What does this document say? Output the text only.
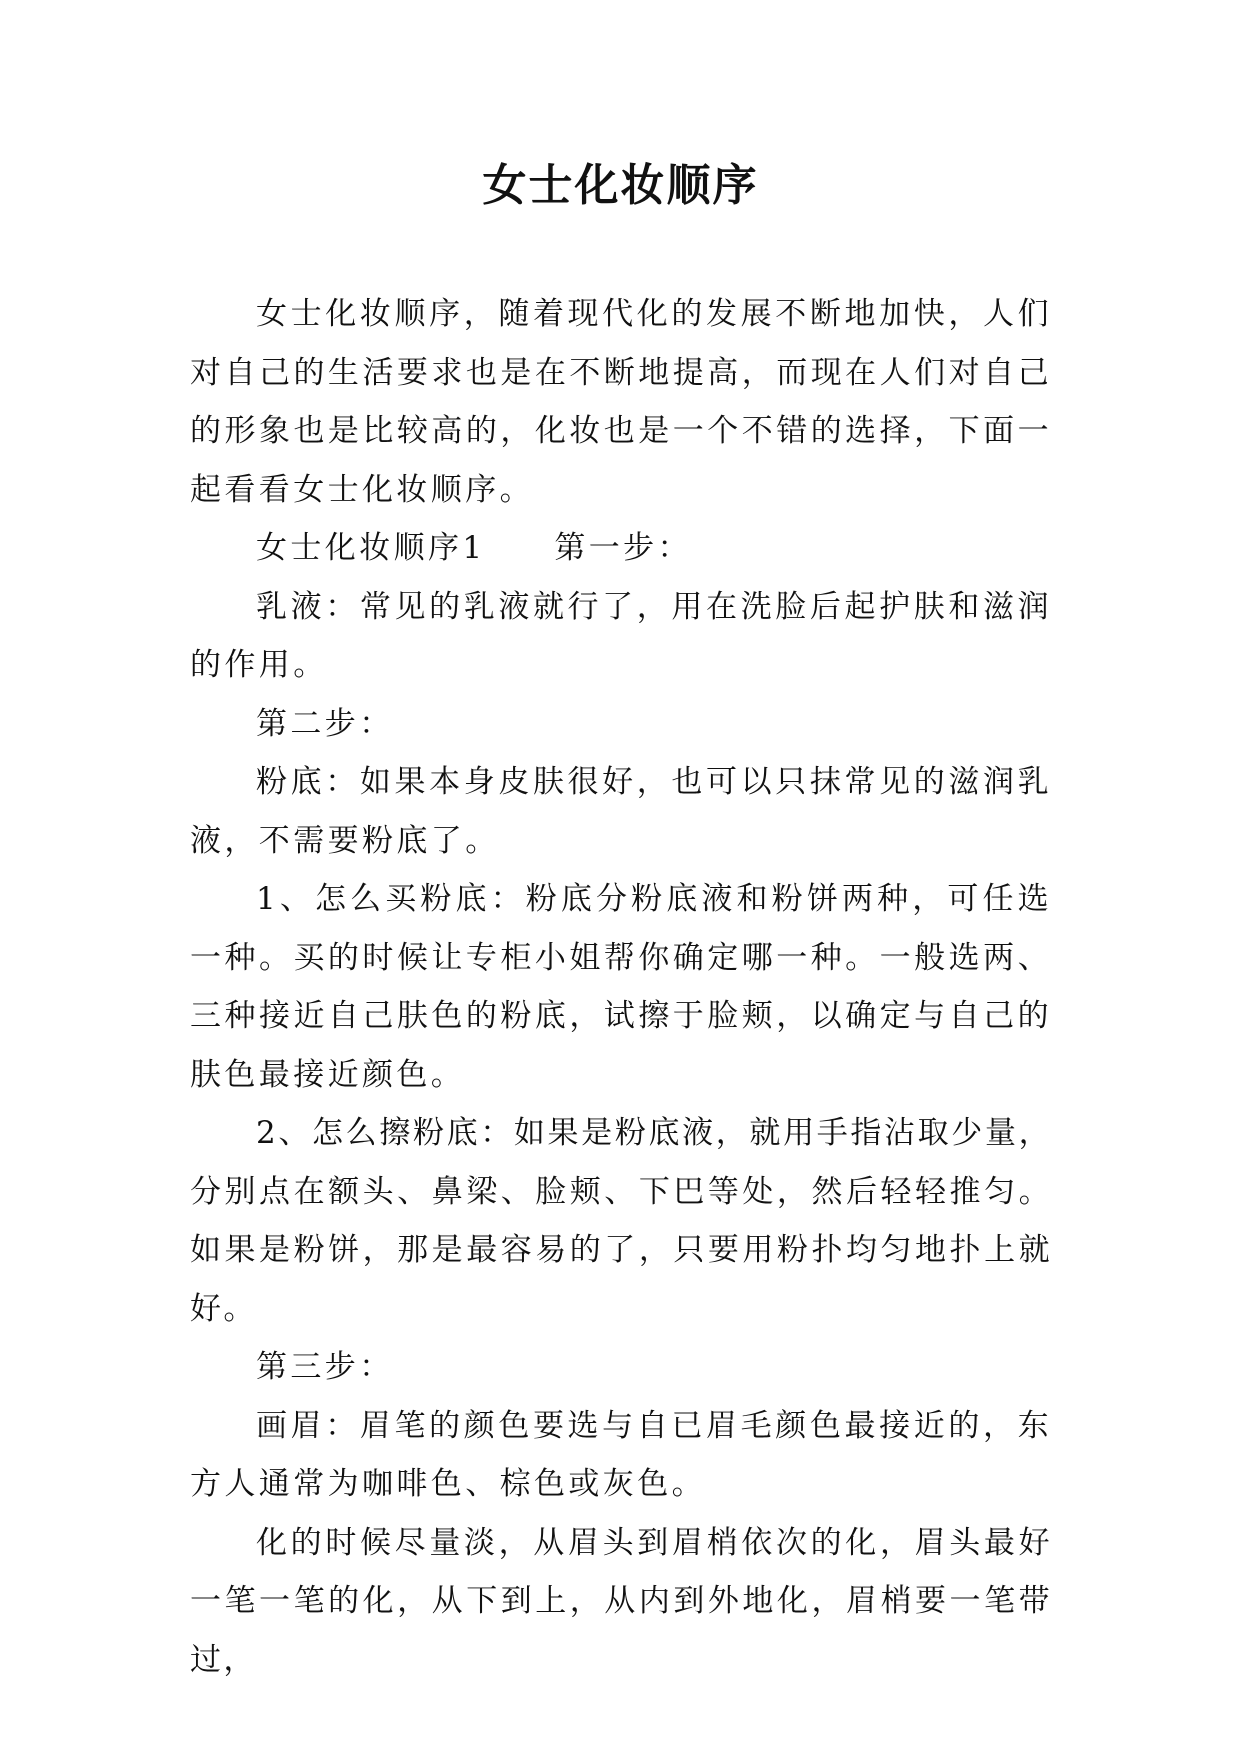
女士化妆顺序

女士化妆顺序，随着现代化的发展不断地加快，人们对自己的生活要求也是在不断地提高，而现在人们对自己的形象也是比较高的，化妆也是一个不错的选择，下面一起看看女士化妆顺序。

女士化妆顺序1　　第一步：

乳液：常见的乳液就行了，用在洗脸后起护肤和滋润的作用。

第二步：

粉底：如果本身皮肤很好，也可以只抹常见的滋润乳液，不需要粉底了。

1、怎么买粉底：粉底分粉底液和粉饼两种，可任选一种。买的时候让专柜小姐帮你确定哪一种。一般选两、三种接近自己肤色的粉底，试擦于脸颊，以确定与自己的肤色最接近颜色。

2、怎么擦粉底：如果是粉底液，就用手指沾取少量，分别点在额头、鼻梁、脸颊、下巴等处，然后轻轻推匀。如果是粉饼，那是最容易的了，只要用粉扑均匀地扑上就好。

第三步：

画眉：眉笔的颜色要选与自已眉毛颜色最接近的，东方人通常为咖啡色、棕色或灰色。

化的时候尽量淡，从眉头到眉梢依次的化，眉头最好一笔一笔的化，从下到上，从内到外地化，眉梢要一笔带过，
